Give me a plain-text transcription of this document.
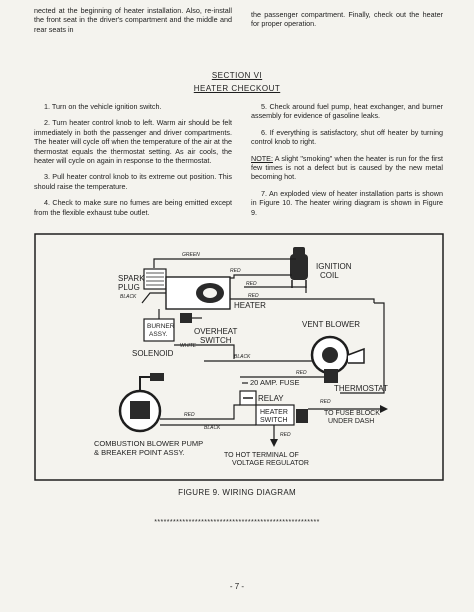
nected at the beginning of heater installation. Also, re-install the front seat in the driver's compartment and the middle and rear seats in

the passenger compartment. Finally, check out the heater for proper operation.

SECTION VI
HEATER CHECKOUT

1. Turn on the vehicle ignition switch.

2. Turn heater control knob to left. Warm air should be felt immediately in both the passenger and driver compartments. The heater will cycle off when the temperature of the air at the thermostat equals the thermostat setting. As air cools, the heater will cycle on again in response to the thermostat.

3. Pull heater control knob to its extreme out position. This should raise the temperature.

4. Check to make sure no fumes are being emitted except from the flexible exhaust tube outlet.

5. Check around fuel pump, heat exchanger, and burner assembly for evidence of gasoline leaks.

6. If everything is satisfactory, shut off heater by turning control knob to right.

NOTE: A slight "smoking" when the heater is run for the first few times is not a defect but is caused by the new metal becoming hot.

7. An exploded view of heater installation parts is shown in Figure 10. The heater wiring diagram is shown in Figure 9.

IGNITION
COIL
GREEN
RED
RED
SPARK
PLUG
BLACK
HEATER
RED
BURNER
ASSY.	OVERHEAT
SWITCH
SOLENOID
WHITE
VENT BLOWER
BLACK
THERMOSTAT
RED
20 AMP. FUSE
RELAY
HEATER
SWITCH
RED
TO FUSE BLOCK
UNDER DASH
RED
BLACK
COMBUSTION BLOWER PUMP
& BREAKER POINT ASSY.
RED
TO HOT TERMINAL OF
VOLTAGE REGULATOR
FIGURE 9. WIRING DIAGRAM
*****************************************************
- 7 -
